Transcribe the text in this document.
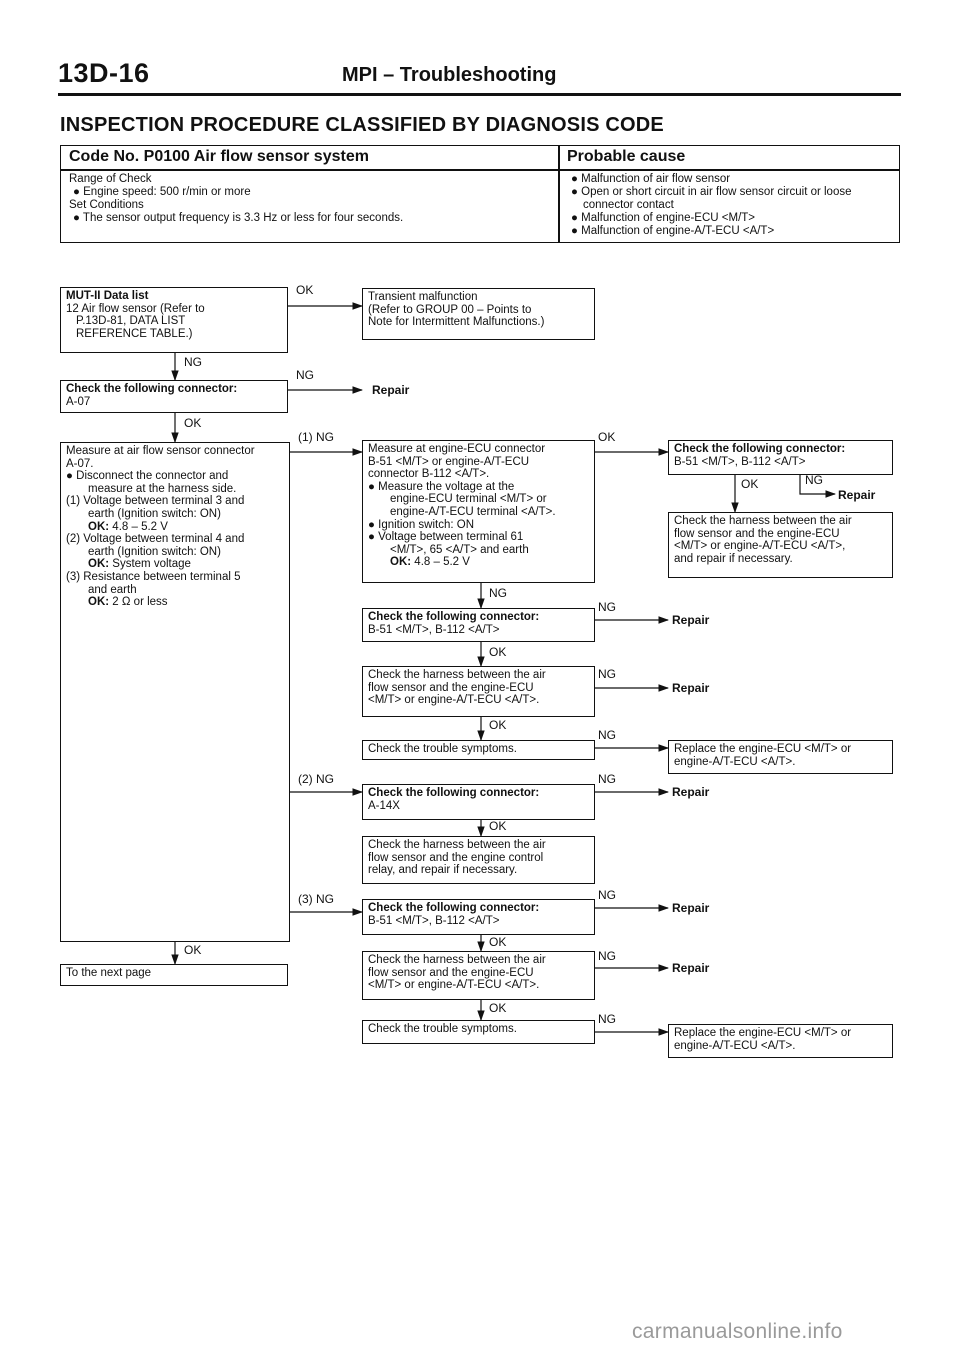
13D-16	MPI – Troubleshooting
INSPECTION PROCEDURE CLASSIFIED BY DIAGNOSIS CODE
Code No. P0100 Air flow sensor system	Probable cause
Range of Check
● Engine speed: 500 r/min or more
Set Conditions
● The sensor output frequency is 3.3 Hz or less for four seconds.
● Malfunction of air flow sensor
● Open or short circuit in air flow sensor circuit or loose connector contact
● Malfunction of engine-ECU <M/T>
● Malfunction of engine-A/T-ECU <A/T>
MUT-II Data list
12 Air flow sensor (Refer to
P.13D-81, DATA LIST
REFERENCE TABLE.)
Check the following connector:
A-07
Measure at air flow sensor connector
A-07.
● Disconnect the connector and
measure at the harness side.
(1) Voltage between terminal 3 and
earth (Ignition switch: ON)
OK: 4.8 – 5.2 V
(2) Voltage between terminal 4 and
earth (Ignition switch: ON)
OK: System voltage
(3) Resistance between terminal 5
and earth
OK: 2 Ω or less
To the next page
Transient malfunction
(Refer to GROUP 00 – Points to
Note for Intermittent Malfunctions.)
Measure at engine-ECU connector
B-51 <M/T> or engine-A/T-ECU
connector B-112 <A/T>.
● Measure the voltage at the
engine-ECU terminal <M/T> or
engine-A/T-ECU terminal <A/T>.
● Ignition switch: ON
● Voltage between terminal 61
<M/T>, 65 <A/T> and earth
OK: 4.8 – 5.2 V
Check the following connector:
B-51 <M/T>, B-112 <A/T>
Check the harness between the air
flow sensor and the engine-ECU
<M/T> or engine-A/T-ECU <A/T>.
Check the trouble symptoms.
Check the following connector:
A-14X
Check the harness between the air
flow sensor and the engine control
relay, and repair if necessary.
Check the following connector:
B-51 <M/T>, B-112 <A/T>
Check the harness between the air
flow sensor and the engine-ECU
<M/T> or engine-A/T-ECU <A/T>.
Check the trouble symptoms.
Check the following connector:
B-51 <M/T>, B-112 <A/T>
Check the harness between the air
flow sensor and the engine-ECU
<M/T> or engine-A/T-ECU <A/T>,
and repair if necessary.
Replace the engine-ECU <M/T> or
engine-A/T-ECU <A/T>.
Replace the engine-ECU <M/T> or
engine-A/T-ECU <A/T>.
OK
NG
NG
OK
(1) NG
(2) NG
(3) NG
OK
OK
NG
NG
OK
NG
OK
NG
NG
OK
NG
OK
NG
OK
NG
OK	NG
Repair
Repair
Repair
Repair
Repair
Repair
Repair
carmanualsonline.info
